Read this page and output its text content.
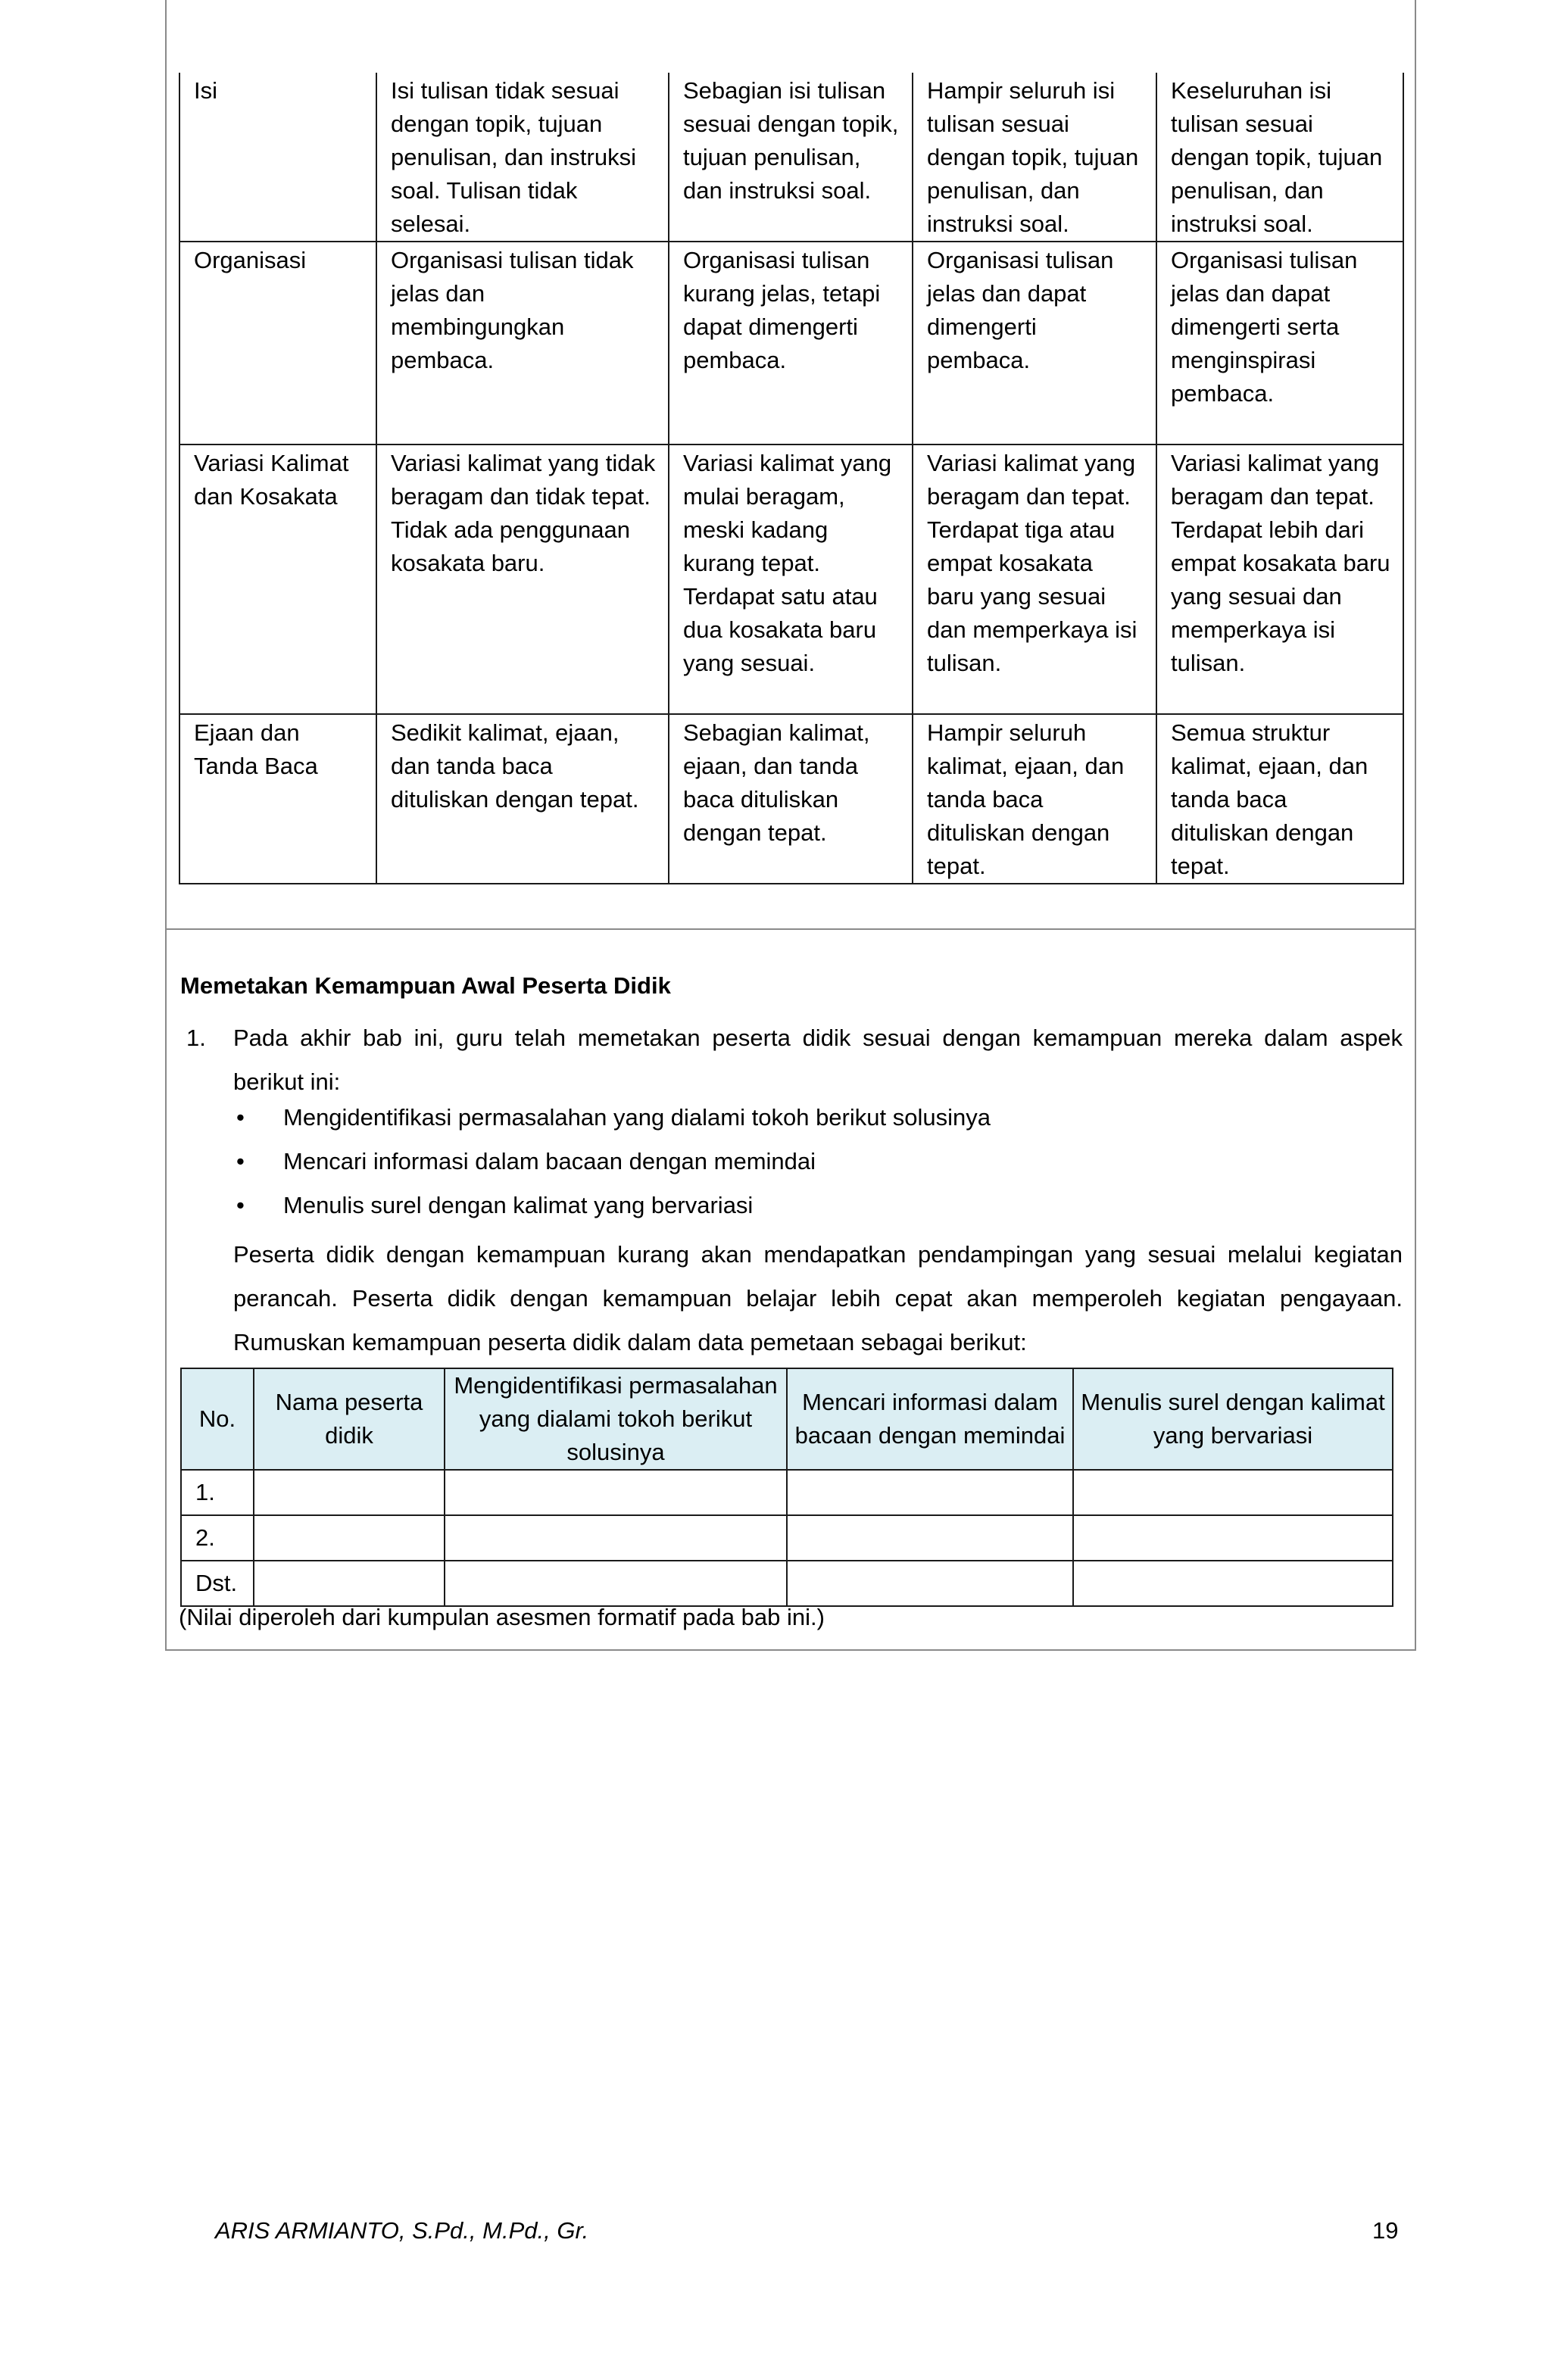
Isi	Isi tulisan tidak sesuai dengan topik, tujuan penulisan, dan instruksi soal. Tulisan tidak selesai.	Sebagian isi tulisan sesuai dengan topik, tujuan penulisan, dan instruksi soal.	Hampir seluruh isi tulisan sesuai dengan topik, tujuan penulisan, dan instruksi soal.	Keseluruhan isi tulisan sesuai dengan topik, tujuan penulisan, dan instruksi soal.
Organisasi	Organisasi tulisan tidak jelas dan membingungkan pembaca.	Organisasi tulisan kurang jelas, tetapi dapat dimengerti pembaca.	Organisasi tulisan jelas dan dapat dimengerti pembaca.	Organisasi tulisan jelas dan dapat dimengerti serta menginspirasi pembaca.
Variasi Kalimat dan Kosakata	Variasi kalimat yang tidak beragam dan tidak tepat. Tidak ada penggunaan kosakata baru.	Variasi kalimat yang mulai beragam, meski kadang kurang tepat. Terdapat satu atau dua kosakata baru yang sesuai.	Variasi kalimat yang beragam dan tepat. Terdapat tiga atau empat kosakata baru yang sesuai dan memperkaya isi tulisan.	Variasi kalimat yang beragam dan tepat. Terdapat lebih dari empat kosakata baru yang sesuai dan memperkaya isi tulisan.
Ejaan dan Tanda Baca	Sedikit kalimat, ejaan, dan tanda baca dituliskan dengan tepat.	Sebagian kalimat, ejaan, dan tanda baca dituliskan dengan tepat.	Hampir seluruh kalimat, ejaan, dan tanda baca dituliskan dengan tepat.	Semua struktur kalimat, ejaan, dan tanda baca dituliskan dengan tepat.
Memetakan Kemampuan Awal Peserta Didik
1. Pada akhir bab ini, guru telah memetakan peserta didik sesuai dengan kemampuan mereka dalam aspek berikut ini:
• Mengidentifikasi permasalahan yang dialami tokoh berikut solusinya
• Mencari informasi dalam bacaan dengan memindai
• Menulis surel dengan kalimat yang bervariasi
Peserta didik dengan kemampuan kurang akan mendapatkan pendampingan yang sesuai melalui kegiatan perancah. Peserta didik dengan kemampuan belajar lebih cepat akan memperoleh kegiatan pengayaan. Rumuskan kemampuan peserta didik dalam data pemetaan sebagai berikut:
No.	Nama peserta didik	Mengidentifikasi permasalahan yang dialami tokoh berikut solusinya	Mencari informasi dalam bacaan dengan memindai	Menulis surel dengan kalimat yang bervariasi
1.				
2.				
Dst.				
(Nilai diperoleh dari kumpulan asesmen formatif pada bab ini.)
ARIS ARMIANTO, S.Pd., M.Pd., Gr.	19
